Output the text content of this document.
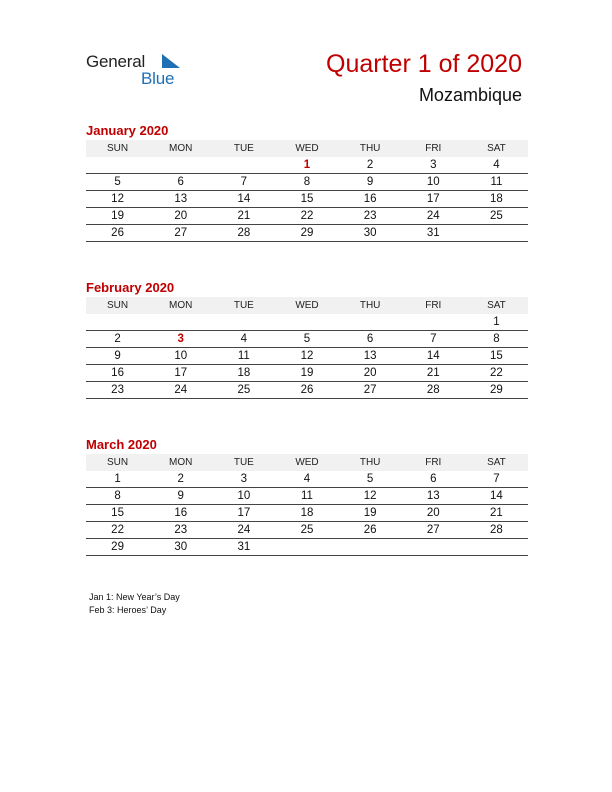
General
Blue
Quarter 1 of 2020
Mozambique
January 2020
SUN	MON	TUE	WED	THU	FRI	SAT
			1	2	3	4
5	6	7	8	9	10	11
12	13	14	15	16	17	18
19	20	21	22	23	24	25
26	27	28	29	30	31	
February 2020
SUN	MON	TUE	WED	THU	FRI	SAT
						1
2	3	4	5	6	7	8
9	10	11	12	13	14	15
16	17	18	19	20	21	22
23	24	25	26	27	28	29
March 2020
SUN	MON	TUE	WED	THU	FRI	SAT
1	2	3	4	5	6	7
8	9	10	11	12	13	14
15	16	17	18	19	20	21
22	23	24	25	26	27	28
29	30	31				
Jan 1: New Year’s Day
Feb 3: Heroes’ Day
